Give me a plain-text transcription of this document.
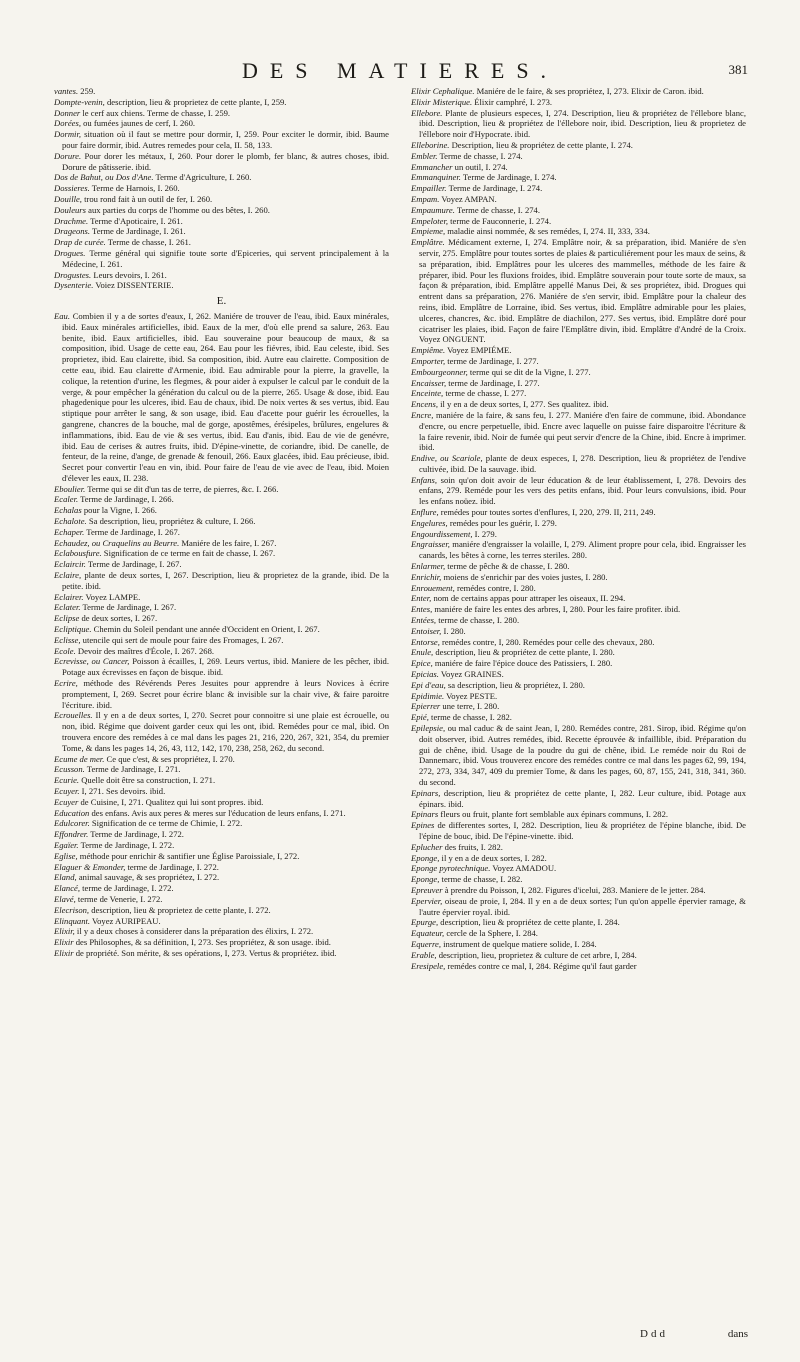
DES MATIERES.	381

vantes. 259.

Dompte-venin, description, lieu & proprietez de cette plante, I, 259.

Donner le cerf aux chiens. Terme de chasse, I. 259.

Dorées, ou fumées jaunes de cerf, I. 260.

Dormir, situation où il faut se mettre pour dormir, I, 259. Pour exciter le dormir, ibid. Baume pour faire dormir, ibid. Autres remedes pour cela, II. 58, 133.

Dorure. Pour dorer les métaux, I, 260. Pour dorer le plomb, fer blanc, & autres choses, ibid. Dorure de pâtisserie. ibid.

Dos de Bahut, ou Dos d'Ane. Terme d'Agriculture, I. 260.

Dossieres. Terme de Harnois, I. 260.

Douille, trou rond fait à un outil de fer, I. 260.

Douleurs aux parties du corps de l'homme ou des bêtes, I. 260.

Drachme. Terme d'Apoticaire, I. 261.

Drageons. Terme de Jardinage, I. 261.

Drap de curée. Terme de chasse, I. 261.

Drogues. Terme général qui signifie toute sorte d'Epiceries, qui servent principalement à la Médecine, I. 261.

Drogustes. Leurs devoirs, I. 261.

Dysenterie. Voiez DISSENTERIE.

E.

Eau. Combien il y a de sortes d'eaux, I, 262. Maniére de trouver de l'eau, ibid. Eaux minérales, ibid. Eaux minérales artificielles, ibid. Eaux de la mer, d'où elle prend sa salure, 263. Eau benite, ibid. Eaux artificielles, ibid. Eau souveraine pour beaucoup de maux, & sa composition, ibid. Usage de cette eau, 264. Eau pour les fiévres, ibid. Eau celeste, ibid. Ses proprietez, ibid. Eau clairette, ibid. Sa composition, ibid. Autre eau clairette. Composition de cette eau, ibid. Eau clairette d'Armenie, ibid. Eau admirable pour la pierre, la gravelle, la colique, la retention d'urine, les flegmes, & pour aider à expulser le calcul par le conduit de la verge, & pour empêcher la génération du calcul ou de la pierre, 265. Usage & dose, ibid. Eau phagedenique pour les ulceres, ibid. Eau de chaux, ibid. De noix vertes & ses vertus, ibid. Eau stiptique pour arrêter le sang, & son usage, ibid. Eau d'acette pour guérir les écrouelles, la gangrene, chancres de la bouche, mal de gorge, apostêmes, érésipeles, brûlures, engelures & inflammations, ibid. Eau de vie & ses vertus, ibid. Eau d'anis, ibid. Eau de vie de genévre, ibid. Eau de cerises & autres fruits, ibid. D'épine-vinette, de coriandre, ibid. De canelle, de fenteur, de la reine, d'ange, de grenade & fenouil, 266. Eaux glacées, ibid. Eau précieuse, ibid. Secret pour convertir l'eau en vin, ibid. Pour faire de l'eau de vie avec de l'eau, ibid. Moien d'élever les eaux, II. 238.

Eboulier. Terme qui se dit d'un tas de terre, de pierres, &c. I. 266.

Ecaler. Terme de Jardinage, I. 266.

Echalas pour la Vigne, I. 266.

Echalote. Sa description, lieu, propriétez & culture, I. 266.

Echaper. Terme de Jardinage, I. 267.

Echaudez, ou Craquelins au Beurre. Maniére de les faire, I. 267.

Eclabousfure. Signification de ce terme en fait de chasse, I. 267.

Eclaircir. Terme de Jardinage, I. 267.

Eclaire, plante de deux sortes, I, 267. Description, lieu & proprietez de la grande, ibid. De la petite. ibid.

Eclairer. Voyez LAMPE.

Eclater. Terme de Jardinage, I. 267.

Eclipse de deux sortes, I. 267.

Ecliptique. Chemin du Soleil pendant une année d'Occident en Orient, I. 267.

Eclisse, utencile qui sert de moule pour faire des Fromages, I. 267.

Ecole. Devoir des maîtres d'École, I. 267. 268.

Ecrevisse, ou Cancer, Poisson à écailles, I, 269. Leurs vertus, ibid. Maniere de les pêcher, ibid. Potage aux écrevisses en façon de bisque. ibid.

Ecrire, méthode des Révérends Peres Jesuites pour apprendre à leurs Novices à écrire promptement, I, 269. Secret pour écrire blanc & invisible sur la chair vive, & faire paroitre l'écriture. ibid.

Ecrouelles. Il y en a de deux sortes, I, 270. Secret pour connoitre si une plaie est écrouelle, ou non, ibid. Régime que doivent garder ceux qui les ont, ibid. Remédes pour ce mal, ibid. On trouvera encore des remédes à ce mal dans les pages 21, 216, 220, 267, 321, 354, du premier Tome, & dans les pages 14, 26, 43, 112, 142, 170, 238, 258, 262, du second.

Ecume de mer. Ce que c'est, & ses propriétez, I. 270.

Ecusson. Terme de Jardinage, I. 271.

Ecurie. Quelle doit être sa construction, I. 271.

Ecuyer. I, 271. Ses devoirs. ibid.

Ecuyer de Cuisine, I, 271. Qualitez qui lui sont propres. ibid.

Education des enfans. Avis aux peres & meres sur l'éducation de leurs enfans, I. 271.

Edulcorer. Signification de ce terme de Chimie, I. 272.

Effondrer. Terme de Jardinage, I. 272.

Egaïer. Terme de Jardinage, I. 272.

Eglise, méthode pour enrichir & santifier une Église Paroissiale, I, 272.

Elaguer & Emonder, terme de Jardinage, I. 272.

Eland, animal sauvage, & ses propriétez, I. 272.

Elancé, terme de Jardinage, I. 272.

Elavé, terme de Venerie, I. 272.

Elecrison, description, lieu & proprietez de cette plante, I. 272.

Elinquant. Voyez AURIPEAU.

Elixir, il y a deux choses à considerer dans la préparation des élixirs, I. 272.

Elixir des Philosophes, & sa définition, I, 273. Ses propriétez, & son usage. ibid.

Elixir de propriété. Son mérite, & ses opérations, I, 273. Vertus & propriétez. ibid.

Elixir Cephalique. Maniére de le faire, & ses propriétez, I, 273. Elixir de Caron. ibid.

Elixir Misterique. Élixir camphré, I. 273.

Ellebore. Plante de plusieurs especes, I, 274. Description, lieu & propriétez de l'éllebore blanc, ibid. Description, lieu & propriétez de l'éllebore noir, ibid. Description, lieu & proprietez de l'éllebore noir d'Hypocrate. ibid.

Elleborine. Description, lieu & propriétez de cette plante, I. 274.

Embler. Terme de chasse, I. 274.

Emmancher un outil, I. 274.

Emmanquiner. Terme de Jardinage, I. 274.

Empailler. Terme de Jardinage, I. 274.

Empam. Voyez AMPAN.

Empaumure. Terme de chasse, I. 274.

Empeloter, terme de Fauconnerie, I. 274.

Empieme, maladie ainsi nommée, & ses remédes, I, 274. II, 333, 334.

Emplâtre. Médicament externe, I, 274. Emplâtre noir, & sa préparation, ibid. Maniére de s'en servir, 275. Emplâtre pour toutes sortes de plaies & particuliérement pour les maux de seins, & sa préparation, ibid. Emplâtres pour les ulceres des mammelles, méthode de les faire & préparer, ibid. Pour les fluxions froides, ibid. Emplâtre souverain pour toute sorte de maux, sa façon & préparation, ibid. Emplâtre appellé Manus Dei, & ses propriétez, ibid. Drogues qui entrent dans sa préparation, 276. Maniére de s'en servir, ibid. Emplâtre pour la chaleur des reins, ibid. Emplâtre de Lorraine, ibid. Ses vertus, ibid. Emplâtre admirable pour les plaies, ulceres, chancres, &c. ibid. Emplâtre de diachilon, 277. Ses vertus, ibid. Emplâtre doré pour cicatriser les plaies, ibid. Façon de faire l'Emplâtre divin, ibid. Emplâtre d'André de la Croix. Voyez ONGUENT.

Empiême. Voyez EMPIÉME.

Emporter, terme de Jardinage, I. 277.

Embourgeonner, terme qui se dit de la Vigne, I. 277.

Encaisser, terme de Jardinage, I. 277.

Enceinte, terme de chasse, I. 277.

Encens, il y en a de deux sortes, I, 277. Ses qualitez. ibid.

Encre, maniére de la faire, & sans feu, I. 277. Maniére d'en faire de commune, ibid. Abondance d'encre, ou encre perpetuelle, ibid. Encre avec laquelle on puisse faire disparoitre l'écriture & la faire revenir, ibid. Noir de fumée qui peut servir d'encre de la Chine, ibid. Encre à imprimer. ibid.

Endive, ou Scariole, plante de deux especes, I, 278. Description, lieu & propriétez de l'endive cultivée, ibid. De la sauvage. ibid.

Enfans, soin qu'on doit avoir de leur éducation & de leur établissement, I, 278. Devoirs des enfans, 279. Reméde pour les vers des petits enfans, ibid. Pour leurs convulsions, ibid. Pour les enfans noüez. ibid.

Enflure, remédes pour toutes sortes d'enflures, I, 220, 279. II, 211, 249.

Engelures, remédes pour les guérir, I. 279.

Engourdissement, I. 279.

Engraisser, maniére d'engraisser la volaille, I, 279. Aliment propre pour cela, ibid. Engraisser les canards, les bêtes à corne, les terres steriles. 280.

Enlarmer, terme de pêche & de chasse, I. 280.

Enrichir, moiens de s'enrichir par des voies justes, I. 280.

Enrouement, remédes contre, I. 280.

Enter, nom de certains appas pour attraper les oiseaux, II. 294.

Entes, maniére de faire les entes des arbres, I, 280. Pour les faire profiter. ibid.

Entées, terme de chasse, I. 280.

Entoiser, I. 280.

Entorse, remédes contre, I, 280. Remédes pour celle des chevaux, 280.

Enule, description, lieu & propriétez de cette plante, I. 280.

Epice, maniére de faire l'épice douce des Patissiers, I. 280.

Epicias. Voyez GRAINES.

Epi d'eau, sa description, lieu & propriétez, I. 280.

Epidimie. Voyez PESTE.

Epierrer une terre, I. 280.

Epié, terme de chasse, I. 282.

Epilepsie, ou mal caduc & de saint Jean, I, 280. Remédes contre, 281. Sirop, ibid. Régime qu'on doit observer, ibid. Autres remédes, ibid. Recette éprouvée & infaillible, ibid. Préparation du gui de chêne, ibid. Usage de la poudre du gui de chêne, ibid. Le reméde noir du Roi de Dannemarc, ibid. Vous trouverez encore des remédes contre ce mal dans les pages 62, 99, 194, 272, 273, 334, 347, 409 du premier Tome, & dans les pages, 60, 87, 155, 241, 318, 341, 360. du second.

Epinars, description, lieu & propriétez de cette plante, I, 282. Leur culture, ibid. Potage aux épinars. ibid.

Epinars fleurs ou fruit, plante fort semblable aux épinars communs, I. 282.

Epines de differentes sortes, I, 282. Description, lieu & propriétez de l'épine blanche, ibid. De l'épine de bouc, ibid. De l'épine-vinette. ibid.

Eplucher des fruits, I. 282.

Eponge, il y en a de deux sortes, I. 282.

Eponge pyrotechnique. Voyez AMADOU.

Eponge, terme de chasse, I. 282.

Epreuver à prendre du Poisson, I, 282. Figures d'icelui, 283. Maniere de le jetter. 284.

Epervier, oiseau de proie, I, 284. Il y en a de deux sortes; l'un qu'on appelle épervier ramage, & l'autre épervier royal. ibid.

Epurge, description, lieu & propriétez de cette plante, I. 284.

Equateur, cercle de la Sphere, I. 284.

Equerre, instrument de quelque matiere solide, I. 284.

Erable, description, lieu, proprietez & culture de cet arbre, I, 284.

Eresipele, remédes contre ce mal, I, 284. Régime qu'il faut garder

Ddd	dans
